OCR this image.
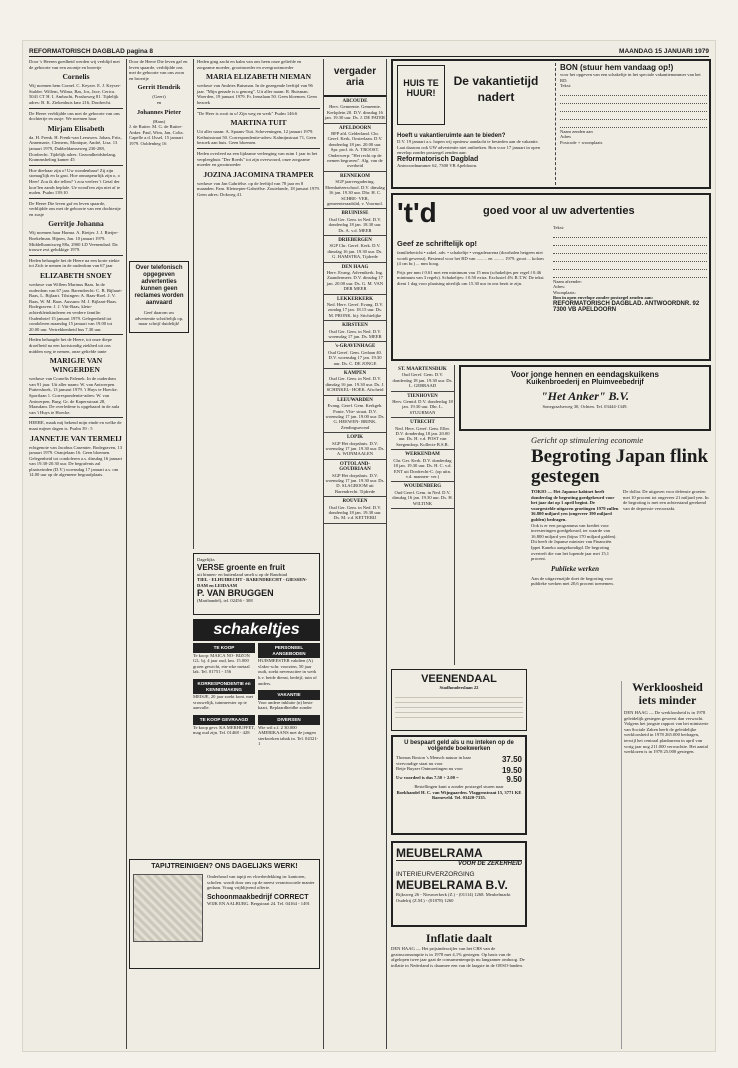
REFORMATORISCH DAGBLAD pagina 8	MAANDAG 15 JANUARI 1979
Door 's Heeren goedheid werden wij verblijd met de geboorte van een zoontje en broertje
Cornelis
Wij noemen hem Cornel. C. Keyzer. E. J. Keyser-Stalder. Willem, Wilma, Bas, Jos, Jace, Cerica. 5041 CT H. I. Ambacht, Prashoweg 81. Tijdelijk adres: B. K. Ziekenhuis kmr 216, Dordrecht.
De Heere verblijdde ons met de geboorte van ons dochtertje en zusje. We noemen haar
Mirjam Elisabeth
da. H. Frenk. H. Frenk-van Leeuwen. Johan, Frits, Annemarie, Clemens, Monique, André, Lisa. 13 januari 1979, Dubbeldamseweg 230-288, Dordrecht. Tijdelijk adres: Gezondheidsbelang, Krammsbeling kamer 45
Hoe dierbaar zijn o! Uw wondenbaar! Zij zijn stomag'lijk en la gast. Hoe onnaspeurlijk zijn o, o Heer! Zou ik die tellen? 't zou veeleer 't Getal der korr'len zands beplale. Ue wond'ren zijn niet af te malen. Psalm 139:10
De Heere Die leven gaf en leven spaarde, verblijdde ons met de geboorte van een dochtertje en zusje
Gerritje Johanna
Wij noemen haar Harma. A. Rietjer. J. J. Rietjer-Boekelman. Hijnen, Jan. 10 januari 1979. Middelharnisweg 88a, 2900 LD Veenendaal. Da trouwe zwt gelukkige 1979.
Heden behaagde het de Heere na een korte ziekte tot Zich te nemen in de ouderdom van 67 jaar
ELIZABETH SNOEY
weduwe van Willem Marinus Baas. In de ouderdom van 67 jaar. Barendrecht: C. B. Bijlaart-Baas, L. Bijlaart. Tilsingen: A. Baas-Roel. J. V. Baas, W. M. Baas. Aussum: M. J. Bijlaart-Baas. Bodegraven: J. J. Vitt-Baas, klein- achterkleinkinderen en verdere familie. Oudenbrief 15 januari 1979. Gelegenheid tot condoleren maandag 15 januari van 19.00 tot 20.00 uur. Vertrekkenheid bus 7.30 uur.
Heden behaagde het de Heere, tot onze diepe droefheid na een kortstondig ziekbed uit ons midden weg te nemen, onze geliefde tante
MARIGJE VAN WINGERDEN
weduwe van Cornelis Palenek. In de ouderdom van 91 jaar. Uit aller naam: W. van Antwerpen. Puttershoek, 13 januari 1979. 'i Huys te Hoecke. Sportlaan 1. Correspondentie-adres: W. van Antwerpen, Burg. Gr. de Kapersstraat 28, Maasdam. De overledene is opgebaard in de aula van 't Huys te Hoecke.
HEERE, maak mij bekend mijn einde en welke de maat mijner dagen is. Psalm 39 : 5
JANNETJE VAN TERMEIJ
echtgenote van Jacobus Casemier. Bodegraven, 13 januari 1979. Oranjelaan 16. Geen bloemen. Gelegenheid tot condoleren a.s. dinsdag 16 januari van 19.30-20.30 uur. De begrafenis zal plaatsvinden (D.V.) woensdag 17 januari a.s. om 14.00 uur op de algemene begraafplaats.
Door de Heere Die leven gaf en leven spaarde, verblijdde ons met de geboorte van ons zoon en broertje
Gerrit Hendrik
(Geert)
en
Johannes Pieter
(Hans)
J. de Ruiter. M. G. de Ruiter-Anker. Paul, Wim, Jan, Colia. Capelle a.d. IJssel, 15 januari 1979. Ooldenheg 16
Over telefonisch opgegeven advertenties kunnen geen reclames worden aanvaard
Geef daarom uw advertentie schriftelijk op, maar schrijf duidelijk!
Heden ging zacht en kalm van ons heen onze geliefde en zorgzame moeder, grootmoeder en overgrootmoeder
MARIA ELIZABETH NIEMAN
weduwe van Andries Buisman. In de gezegende leeftijd van 96 jaar. "Mijn genade is u genoeg". Uit aller naam: R. Buisman. Woerden, 19 januari 1979. Fr. Irenalaan 50. Geen bloemen. Geen bezoek
"De Heer is rooit in u! Zijn weg en werk" Psalm 146:6
MARTINA TUIT
Uit aller naam: A. Spaans-Tuit. Scheveningen, 12 januari 1979. Kethuisstraat 50. Correspondentie-adres: Kalmijnstraat 71, Geen bezoek aan huis. Geen bloemen.
Heden overleed na een lijdzame verlenging van ruim 1 jaar in het verpleeghuis "Der Roeds" tot zijn overwoord, onze zorgzame moeder en grootmoeder
JOZINA JACOMINA TRAMPER
weduwe van Jan Gabriëlse. op de leeftijd van 78 jaar en 8 maanden. Fam. Kleinepier-Gabriëlse. Zoutelande, 18 januari 1979. Geen adres: Dokweg 41.
Dagelijks
VERSE groente en fruit
uit binnen- en buitenland smelt u op de Randstad
TIEL - ELHUIBECHT - BARENDRECHT - GIESSEN- DAM en LEIDAAM
P. VAN BRUGGEN
(Marthandel), tel. 02456 - 308
schakeltjes
TE KOOP
Te koop: MAICA NO- BIZON GL. bj. 4 jaar oud, km. 15.000 groen gewicht, etn-wke metaal lak. Tel. 01751 - 156
KORRESPONDENTIE en KENNISMAKING
MEISJE, 20 jaar zoekt kont. met vrouwelijk, tuinmeester op te aanvulle.
TE KOOP GEVRAAGD
Te koop gevr. KA MERHUFFET, mag oud zijn. Tel. 01468 - 428
PERSONEEL AANGEBODEN
HUISMEESTER vakdien (A) vlakw-schr. voorzien, 50 jaar oudt, zoekt nevenacitee in werk b.v. beide dienst, bedrijf, tuin of anders.
VAKANTIE
Voor andere inkluite (n) beste kaart, Beplaardheidbe zonder
DIVERSEN
Wie wil z.f. 2 30.000 AMERIKAANS met de jongen sterkweken tabak in. Tel. 04321-1
TAPIJTREINIGEN? ONS DAGELIJKS WERK!
Onderhoud van tapijt en vloerbedekking in: kantoren, scholen. wordt door ons op de meest verantwoorde manier gedaan. Vraag vrijblijvend offerte.
Schoonmaakbedrijf CORRECT
WIJK EN AALBURG. Bergstraat 24. Tel. 04164 - 1491
vergader aria
ABCOUDE
Herv. Gemeente. Gemeente. Kerkplein 20. D.V. dinsdag 16 jan. 19.30 uur. Ds. J. DE PATER
APELDOORN
BFP afd. Gelderland. Chr. Geref. Kerk, Oosterlaan. D.V. donderdag 18 jan. 20.00 uur. Spr. prof. dr. A. TROOST. Onderwerp: "Het recht op de nemen begraven". Alg. van de overheid
RENNEKOM
SGP jaarvergadering. Ebenhaëzerschool. D.V. dinsdag 16 jan. 19.30 uur. Dhr. H. C. SCHRE- VER, gemeenteraadslid, v. Voormol.
BRUINISSE
Oud Ger. Gem. in Ned. D.V. donderdag 18 jan. 18.30 uur. Ds. A. v.d. MEER
DRIEBERGEN
SGP Chr. Geref. Kerk. D.V. dinsdag 16 jan. 19.30 uur. Ds. G. HAMSTRA, Tijdrede
DEN HAAG
Herv. Evang. Adventkerk. Ing. Zaandermeer. D.V. dinsdag 17 jan. 20.00 uur. Ds. G. M. VAN DER MEER
LEKKERKERK
Ned. Herv. Geref. Evang. D.V. zondag 17 jan. 18.15 uur. Ds. M. PRONK. bij: Stichtelijke
KIRSTEEN
Oud Ger. Gem. in Ned. D.V. woensdag 17 jan. Ds. MEER
's-GRAVENHAGE
Oud Geref. Gem. Gedaan 40. D.V. woensdag 17 jan. 19.30 uur. Ds. C. DE JONGE
KAMPEN
Oud Ger. Gem. in Ned. D.V. dinsdag 16 jan. 19.30 uur. Ds. J. SCHINKEL- HOEK. Afscheid
LEEUWARDEN
Evang. Geref. Gem. Kerkgeb. Fonte, Vlie- straat. D.V. woensdag 17 jan. 19.00 uur. Ds. G. HEEWEN- BRINK. Zendingsavond
LOPIK
SGP Het dorpshuis. D.V. woensdag 17 jan. 19.30 uur. Ds. A. WIJNMAALEN
OTTOLAND-GOUDRIAAN
SGP Het dorpshuis. D.V. woensdag 17 jan. 19.30 uur. Ds. D. SLAGBOOM uit Barendrecht. Tijdrede
ROUVEEN
Oud Ger. Gem. in Ned. D.V. donderdag 18 jan. 19.30 uur. Ds. M. v.d. KETTERIJ
HUIS TE HUUR!
De vakantietijd nadert
Hoeft u vakantieruimte aan te bieden?
D.V. 19 januari a.s. hopen wij opnieuw aandacht te besteden aan de vakantie. Laat daarom ook UW advertentie niet ontbreken. Bon voor 17 januari in open envelop zonder postzegel zenden aan:
Reformatorisch Dagblad
Antwoordnummer 62, 7300 VB Apeldoorn.
BON (stuur hem vandaag op!)
voor het opgeven van een schakeltje in het speciale vakantienummer van het RD.
Tekst:
Naam zenden aan
Adres
Postcode + woonplaats
't'd	goed voor al uw advertenties
Geef ze schriftelijk op!
familiebericht • zakel. adv. • schakeltje • vergaderarena (doorhalen hetgeen niet wordt gewenst). Bestemd voor het RD van ......... en ......... 1979. groot ... kolom (4 cm br.) ... mm hoog.
Prijs per mm f 0.61 met een minimum van 15 mm (schakeltjes per regel f 0.46 minimum van 3 regels). Schakeltjes: f 0.50 extra. Exclusief 4% B.T.W. De tekst dient 1 dag voor plaatsing uiterlijk om 15.30 uur in ons bezit te zijn.
Tekst:
Naam afzender:
Adres:
Woonplaats:
Bon in open envelope zonder postzegel zenden aan:
REFORMATORISCH DAGBLAD. ANTWOORDNR. 92 7300 VB APELDOORN
ST. MAARTENSDIJK
Oud Geref. Gem. D.V. donderdag 18 jan. 19.30 uur. Ds. L. GEBRAAD
TIENHOVEN
Herv. Gemtd. D.V. donderdag 18 jan. 19.30 uur. Dhr. L. STUURMAN
UTRECHT
Ned. Herv. Geref. Gem. Eller. D.V. donderdag 18 jan. 20.00 uur. Ds. H. v.d. POST van Seegendorp. Kollecte B.S.R.
WERKENDAM
Chr. Ger. Kerk. D.V. donderdag 18 jan. 19.30 uur. Ds. H. C. v.d. ENT uit Dordrecht-C. (op uitn. v.d. mannen- ver.)
WOUDENBERG
Oud Geref. Gem. in Ned. D.V. dinsdag 16 jan. 19.30 uur. Ds. H. WILTINK
Voor jonge hennen en eendagskuikens
Kuikenbroederij en Pluimveebedrijf
"Het Anker" B.V.
Sonegraafseweg 30, Ochten. Tel. 03444-1349.
VEENENDAAL
Stadhouderslaan 22
U bespaart geld als u nu inteken op de volgende boekwerken
Thomas Boston 's Mensch natuur in haar viervoudige staat nu voor	37.50
Betje Buyzer Ontmoetingen nu voor	19.50
Uw voordeel is dus 7.50 + 2.00 =	9.50
Bestellingen kunt u zonder postzegel sturen naar
Boekhandel H. C. van Wijngaarden. Vlaggenstraat 15, 3771 KE Barneveld. Tel. 03420-7335.
MEUBELRAMA
VOOR DE ZEKERHEID
INTERIEURVERZORGING
MEUBELRAMA B.V.
Rijksweg 26 - Nieuwerkerk (Z.) - (01114) 1268. Meubelmarkt Oudelrij (Z.M.) - (01878) 1260
Gericht op stimulering economie
Begroting Japan flink gestegen
TOKIO — Het Japanse kabinet heeft donderdag de begroting goedgekeurd voor het jaar dat op 1 april begint. De voorgestelde uitgaven groeiingen 1979 zullen 36.800 miljard yen (ongeveer 390 miljard gulden) bedragen.
Ook is er een programma van krediet voor investeringen goedgekeurd, ter waarde van 16.800 miljard yen (bijna 170 miljard gulden). Dit heeft de Japanse minister van Financiën Ippei Kaneko aangekondigd. De begroting overtreft die van het lopende jaar met 15,1 procent.
Publieke werken
Aan de uitgavenzijde doet de begroting voor publieke werken met 20,6 procent toenemen.
De dollar. De uitgaven voor defensie groeien met 10 procent tot ongeveer 21 miljard yen. In de begroting is met een achterstand gerekend van de depressie veroorzakt.
Inflatie daalt
DEN HAAG — Het prijsindexcijfer van het CBS van de gezinsconsumptie is in 1978 met 4,1% gestegen. Op basis van de afgelopen twee jaar gaat de consumentenprijs nu langzamer omhoog. De inflatie in Nederland is daarmee een van de laagste in de OESO-landen.
Werkloosheid iets minder
DEN HAAG — De werkloosheid is in 1978 geleidelijk gestegen geweest dan verwacht. Volgens het jongste rapport van het ministerie van Sociale Zaken heeft de geleidelijke werkloosheid in 1978 265.000 bedragen, terwijl het centraal planbureau in april van vorig jaar nog 211.000 verwachtte. Het aantal werklozen is in 1978 25.000 gestegen.
